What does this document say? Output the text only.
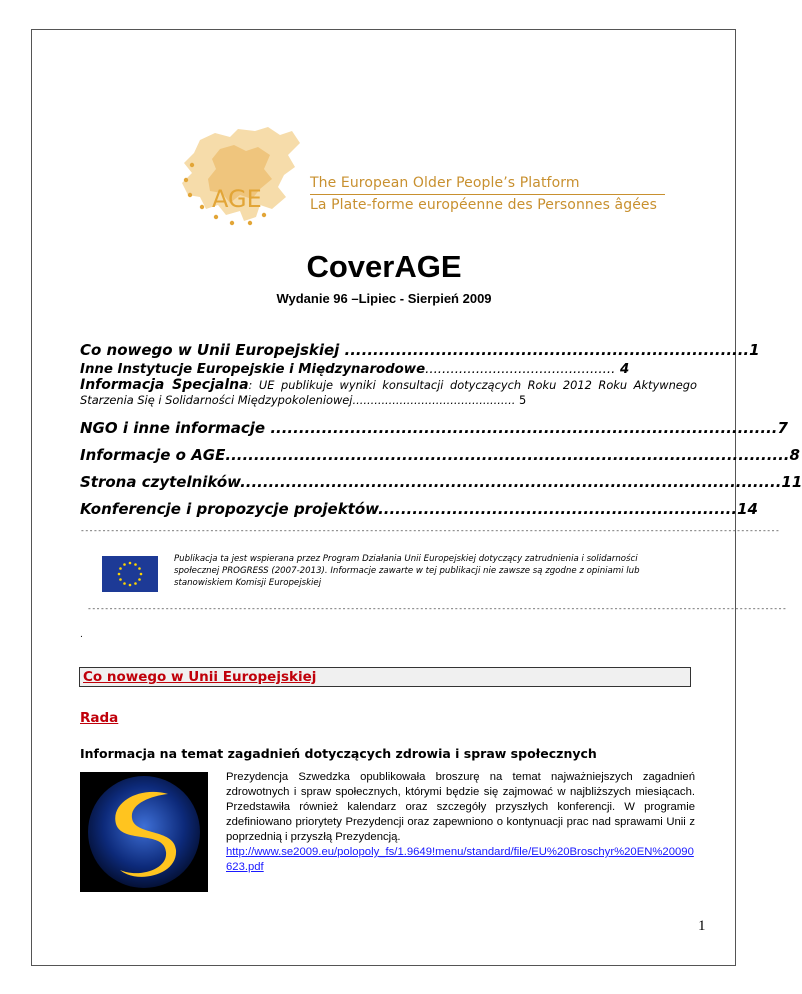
AGE
The European Older People’s Platform
La Plate-forme européenne des Personnes âgées
CoverAGE
Wydanie 96 –Lipiec - Sierpień 2009
Co nowego w Unii Europejskiej .......................................................................1
Inne Instytucje Europejskie i Międzynarodowe............................................. 4
Informacja Specjalna: UE publikuje wyniki konsultacji dotyczących Roku 2012 Roku Aktywnego Starzenia Się i Solidarności Międzypokoleniowej............................................. 5
NGO i inne informacje .........................................................................................7
Informacje o AGE...................................................................................................8
Strona czytelników...............................................................................................11
Konferencje i propozycje projektów...............................................................14
------------------------------------------------------------------------------------------------------------------------------------------------------------------
Publikacja ta jest wspierana przez Program Działania Unii Europejskiej dotyczący zatrudnienia i solidarności społecznej PROGRESS (2007-2013). Informacje zawarte w tej publikacji nie zawsze są zgodne z opiniami lub stanowiskiem Komisji Europejskiej
------------------------------------------------------------------------------------------------------------------------------------------------------------------
.
Co nowego w Unii Europejskiej
Rada
Informacja na temat zagadnień dotyczących zdrowia i spraw społecznych
Prezydencja Szwedzka opublikowała broszurę na temat najważniejszych zagadnień zdrowotnych i spraw społecznych, którymi będzie się zajmować w najbliższych miesiącach. Przedstawiła również kalendarz oraz szczegóły przyszłych konferencji. W programie zdefiniowano priorytety Prezydencji oraz zapewniono o kontynuacji prac nad sprawami Unii z poprzednią i przyszłą Prezydencją.
http://www.se2009.eu/polopoly_fs/1.9649!menu/standard/file/EU%20Broschyr%20EN%20090623.pdf
1
